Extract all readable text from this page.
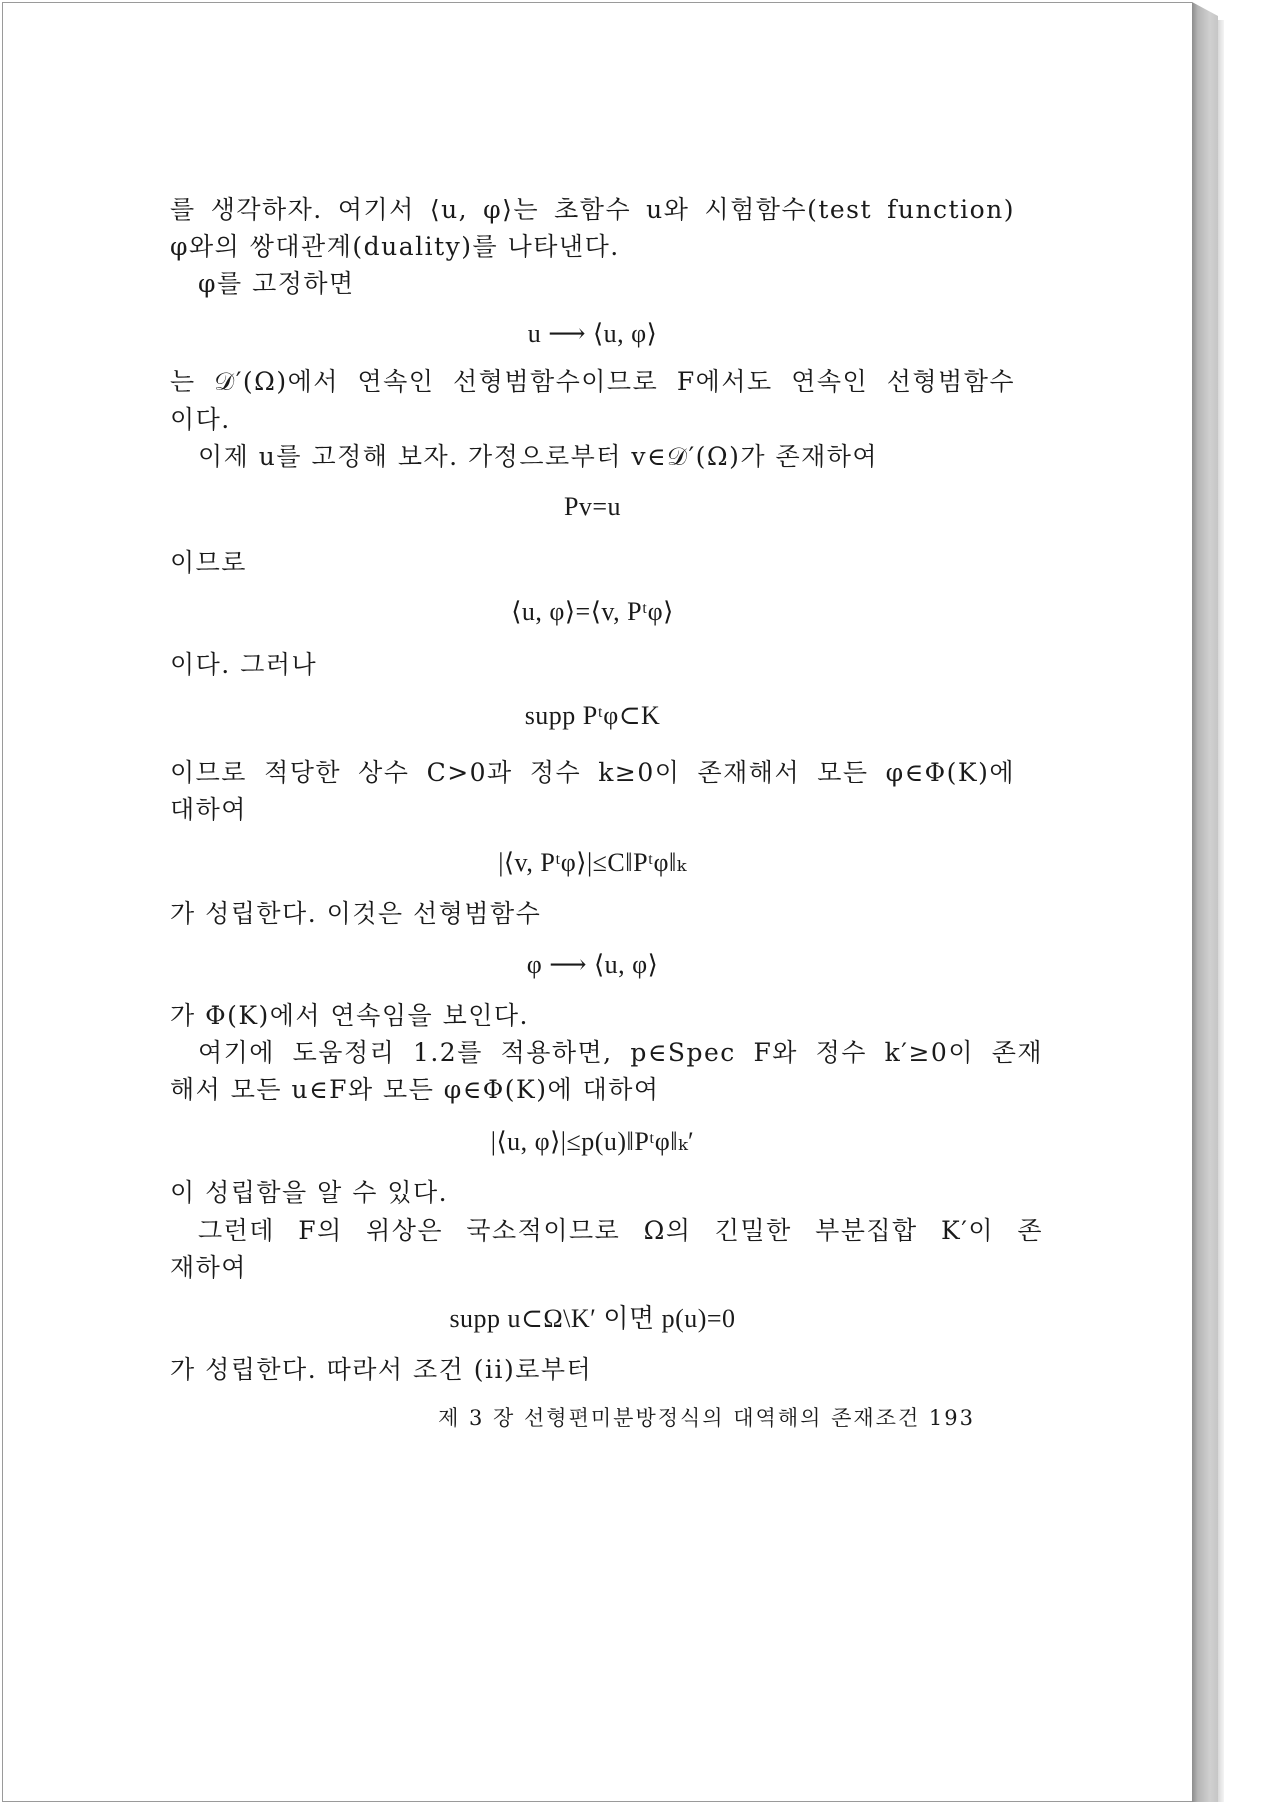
를 생각하자. 여기서 ⟨u, φ⟩는 초함수 u와 시험함수(test function)
φ와의 쌍대관계(duality)를 나타낸다.
φ를 고정하면
u ⟶ ⟨u, φ⟩
는 𝒟′(Ω)에서 연속인 선형범함수이므로 F에서도 연속인 선형범함수
이다.
이제 u를 고정해 보자. 가정으로부터 v∈𝒟′(Ω)가 존재하여
Pv=u
이므로
⟨u, φ⟩=⟨v, Pᵗφ⟩
이다. 그러나
supp Pᵗφ⊂K
이므로 적당한 상수 C>0과 정수 k≥0이 존재해서 모든 φ∈Φ(K)에
대하여
|⟨v, Pᵗφ⟩|≤C‖Pᵗφ‖ₖ
가 성립한다. 이것은 선형범함수
φ ⟶ ⟨u, φ⟩
가 Φ(K)에서 연속임을 보인다.
여기에 도움정리 1.2를 적용하면, p∈Spec F와 정수 k′≥0이 존재
해서 모든 u∈F와 모든 φ∈Φ(K)에 대하여
|⟨u, φ⟩|≤p(u)‖Pᵗφ‖ₖ′
이 성립함을 알 수 있다.
그런데 F의 위상은 국소적이므로 Ω의 긴밀한 부분집합 K′이 존
재하여
supp u⊂Ω\K′ 이면 p(u)=0
가 성립한다. 따라서 조건 (ii)로부터
제 3 장 선형편미분방정식의 대역해의 존재조건 193
